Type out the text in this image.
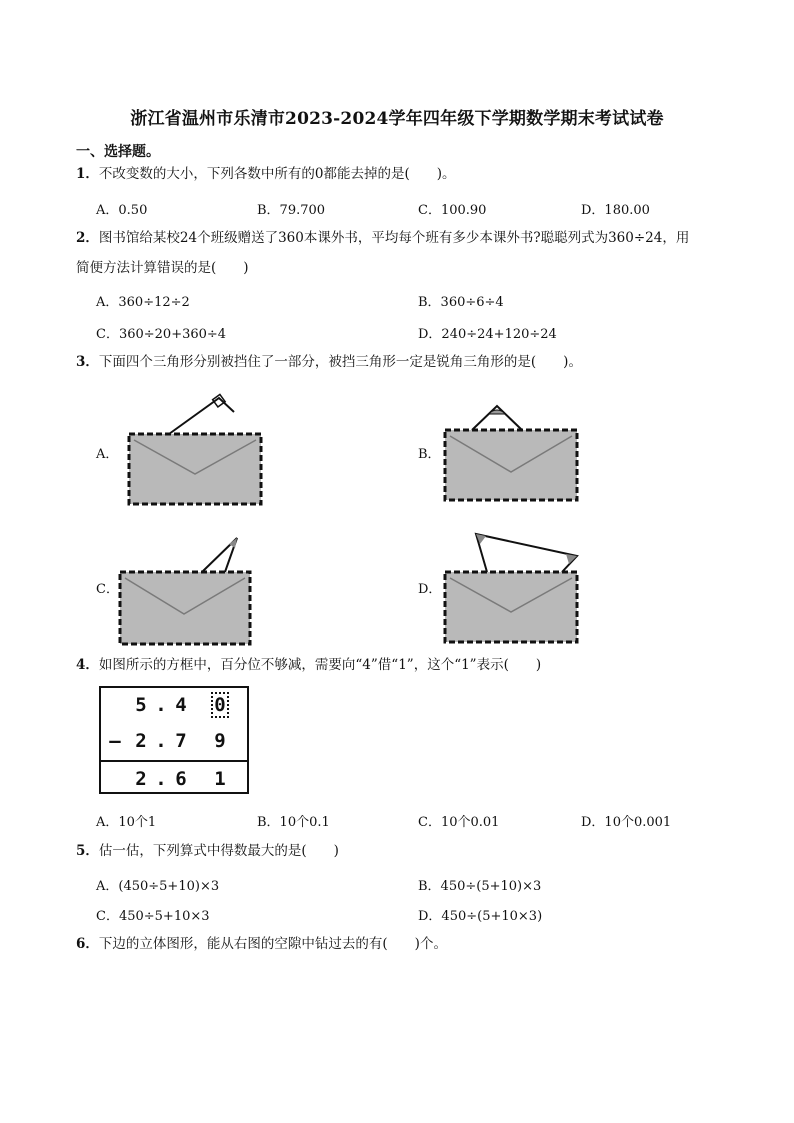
浙江省温州市乐清市2023-2024学年四年级下学期数学期末考试试卷
一、选择题。
1．不改变数的大小，下列各数中所有的0都能去掉的是(　　)。
A．0.50	B．79.700	C．100.90	D．180.00
2．图书馆给某校24个班级赠送了360本课外书，平均每个班有多少本课外书?聪聪列式为360÷24，用
简便方法计算错误的是(　　)
A．360÷12÷2	B．360÷6÷4
C．360÷20+360÷4	D．240÷24+120÷24
3．下面四个三角形分别被挡住了一部分，被挡三角形一定是锐角三角形的是(　　)。
A．	B．
C．	D．
4．如图所示的方框中，百分位不够减，需要向“4”借“1”，这个“1”表示(　　)
5 . 4 0
— 2 . 7 9
2 . 6 1
A．10个1	B．10个0.1	C．10个0.01	D．10个0.001
5．估一估，下列算式中得数最大的是(　　)
A．(450÷5+10)×3	B．450÷(5+10)×3
C．450÷5+10×3	D．450÷(5+10×3)
6．下边的立体图形，能从右图的空隙中钻过去的有(　　)个。
